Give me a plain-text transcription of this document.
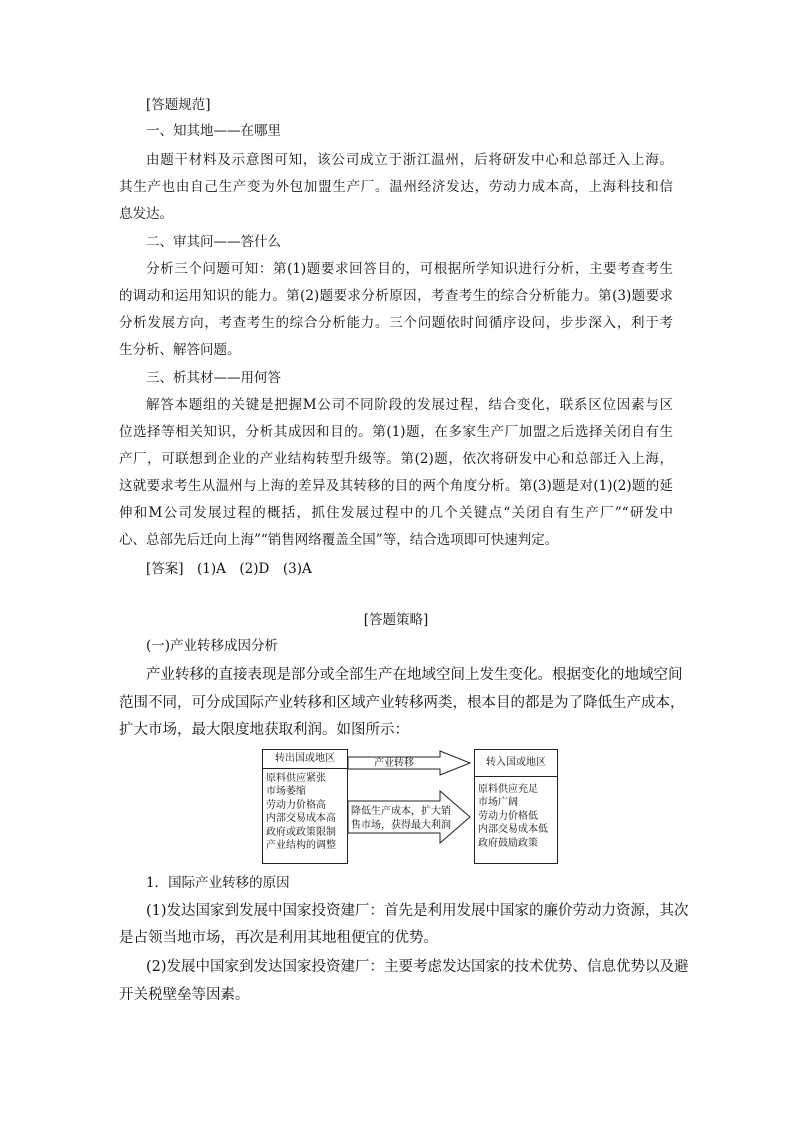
[答题规范]
一、知其地——在哪里
由题干材料及示意图可知，该公司成立于浙江温州，后将研发中心和总部迁入上海。
其生产也由自己生产变为外包加盟生产厂。温州经济发达，劳动力成本高，上海科技和信
息发达。
二、审其问——答什么
分析三个问题可知：第(1)题要求回答目的，可根据所学知识进行分析，主要考查考生
的调动和运用知识的能力。第(2)题要求分析原因，考查考生的综合分析能力。第(3)题要求
分析发展方向，考查考生的综合分析能力。三个问题依时间循序设问，步步深入，利于考
生分析、解答问题。
三、析其材——用何答
解答本题组的关键是把握M公司不同阶段的发展过程，结合变化，联系区位因素与区
位选择等相关知识，分析其成因和目的。第(1)题，在多家生产厂加盟之后选择关闭自有生
产厂，可联想到企业的产业结构转型升级等。第(2)题，依次将研发中心和总部迁入上海，
这就要求考生从温州与上海的差异及其转移的目的两个角度分析。第(3)题是对(1)(2)题的延
伸和M公司发展过程的概括，抓住发展过程中的几个关键点“关闭自有生产厂”“研发中
心、总部先后迁向上海”“销售网络覆盖全国”等，结合选项即可快速判定。
[答案]　(1)A　(2)D　(3)A
[答题策略]
(一)产业转移成因分析
产业转移的直接表现是部分或全部生产在地域空间上发生变化。根据变化的地域空间
范围不同，可分成国际产业转移和区域产业转移两类，根本目的都是为了降低生产成本，
扩大市场，最大限度地获取利润。如图所示：
转出国或地区
原料供应紧张
市场萎缩
劳动力价格高
内部交易成本高
政府或政策限制
产业结构的调整
产业转移
降低生产成本，扩大销
售市场，获得最大利润
转入国或地区
原料供应充足
市场广阔
劳动力价格低
内部交易成本低
政府鼓励政策
1．国际产业转移的原因
(1)发达国家到发展中国家投资建厂：首先是利用发展中国家的廉价劳动力资源，其次
是占领当地市场，再次是利用其地租便宜的优势。
(2)发展中国家到发达国家投资建厂：主要考虑发达国家的技术优势、信息优势以及避
开关税壁垒等因素。
